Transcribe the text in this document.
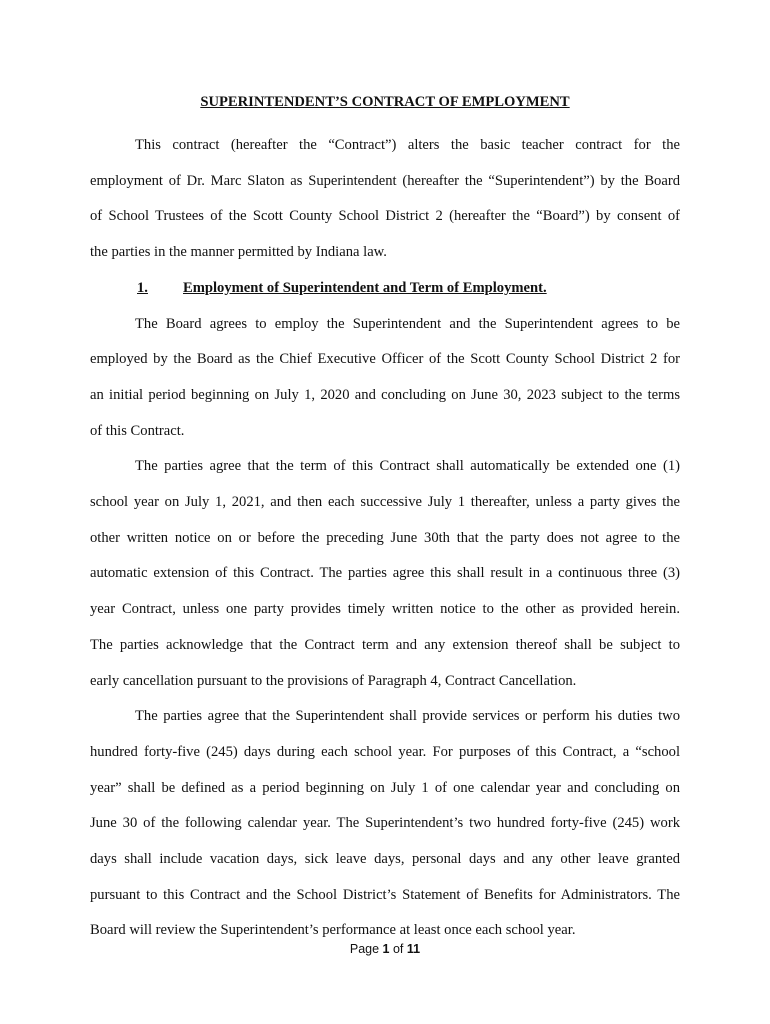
SUPERINTENDENT’S CONTRACT OF EMPLOYMENT

This contract (hereafter the “Contract”) alters the basic teacher contract for the
employment of Dr. Marc Slaton as Superintendent (hereafter the “Superintendent”) by the Board
of School Trustees of the Scott County School District 2 (hereafter the “Board”) by consent of
the parties in the manner permitted by Indiana law.

1. Employment of Superintendent and Term of Employment.

The Board agrees to employ the Superintendent and the Superintendent agrees to be
employed by the Board as the Chief Executive Officer of the Scott County School District 2 for
an initial period beginning on July 1, 2020 and concluding on June 30, 2023 subject to the terms
of this Contract.

The parties agree that the term of this Contract shall automatically be extended one (1)
school year on July 1, 2021, and then each successive July 1 thereafter, unless a party gives the
other written notice on or before the preceding June 30th that the party does not agree to the
automatic extension of this Contract. The parties agree this shall result in a continuous three (3)
year Contract, unless one party provides timely written notice to the other as provided herein.
The parties acknowledge that the Contract term and any extension thereof shall be subject to
early cancellation pursuant to the provisions of Paragraph 4, Contract Cancellation.

The parties agree that the Superintendent shall provide services or perform his duties two
hundred forty-five (245) days during each school year. For purposes of this Contract, a “school
year” shall be defined as a period beginning on July 1 of one calendar year and concluding on
June 30 of the following calendar year. The Superintendent’s two hundred forty-five (245) work
days shall include vacation days, sick leave days, personal days and any other leave granted
pursuant to this Contract and the School District’s Statement of Benefits for Administrators. The
Board will review the Superintendent’s performance at least once each school year.

Page 1 of 11
